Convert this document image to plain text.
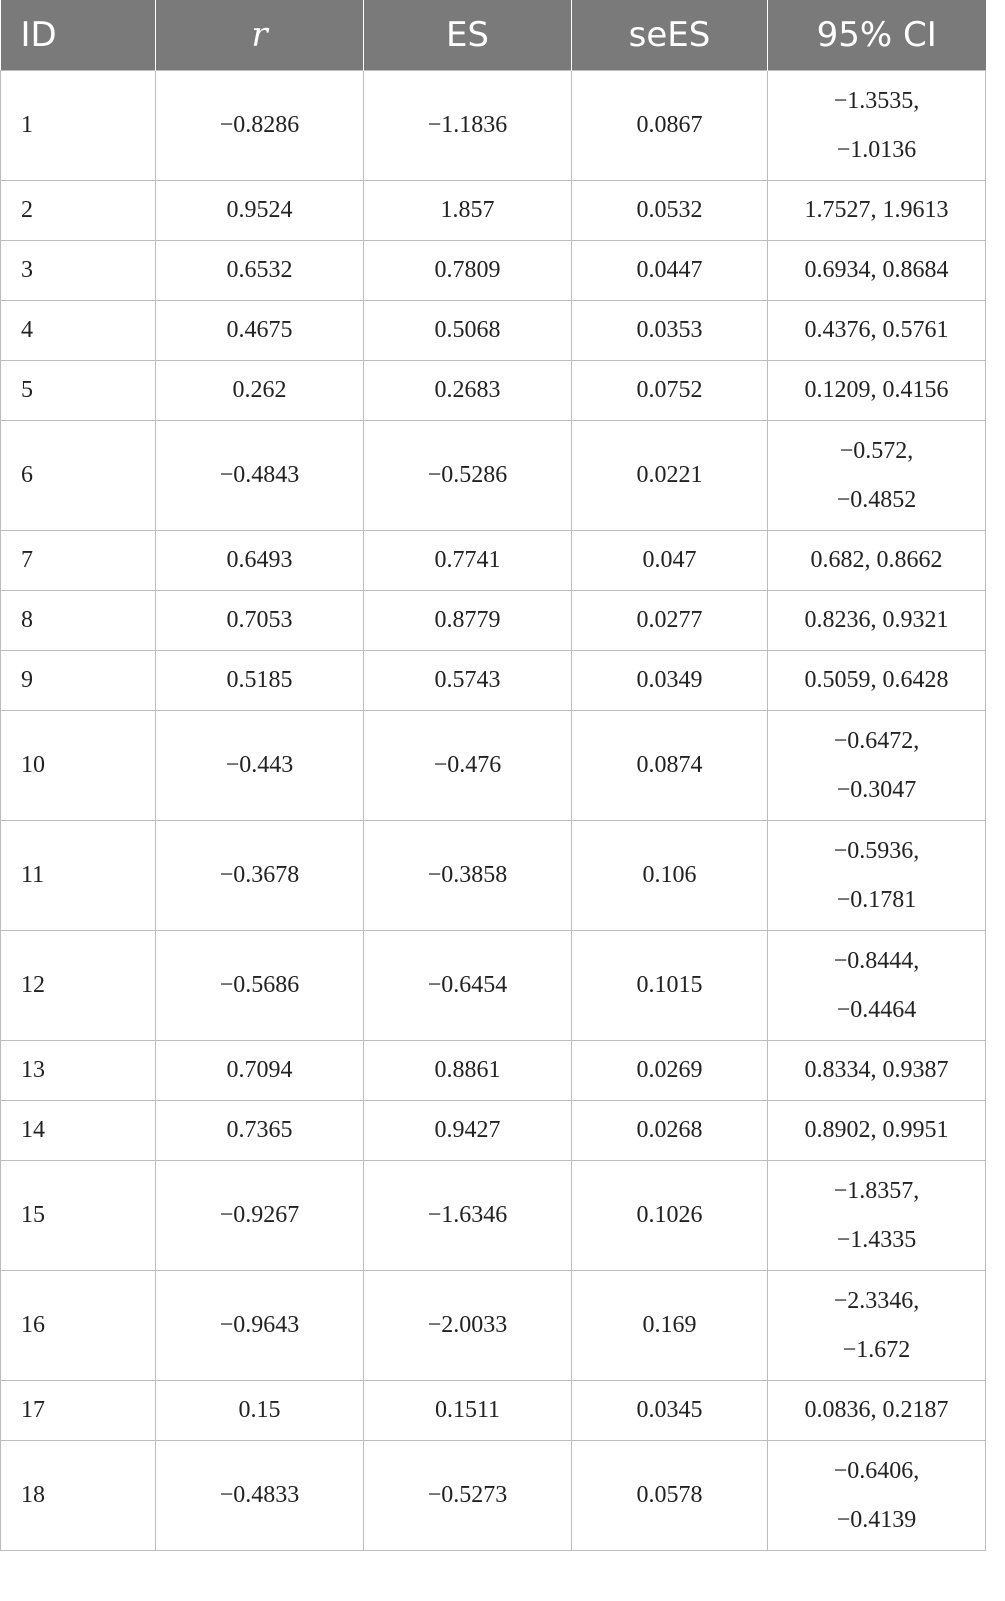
ID	r	ES	seES	95% CI
1	−0.8286	−1.1836	0.0867	−1.3535,
−1.0136

2	0.9524	1.857	0.0532	1.7527, 1.9613

3	0.6532	0.7809	0.0447	0.6934, 0.8684

4	0.4675	0.5068	0.0353	0.4376, 0.5761

5	0.262	0.2683	0.0752	0.1209, 0.4156

6	−0.4843	−0.5286	0.0221	−0.572,
−0.4852

7	0.6493	0.7741	0.047	0.682, 0.8662

8	0.7053	0.8779	0.0277	0.8236, 0.9321

9	0.5185	0.5743	0.0349	0.5059, 0.6428

10	−0.443	−0.476	0.0874	−0.6472,
−0.3047

11	−0.3678	−0.3858	0.106	−0.5936,
−0.1781

12	−0.5686	−0.6454	0.1015	−0.8444,
−0.4464

13	0.7094	0.8861	0.0269	0.8334, 0.9387

14	0.7365	0.9427	0.0268	0.8902, 0.9951

15	−0.9267	−1.6346	0.1026	−1.8357,
−1.4335

16	−0.9643	−2.0033	0.169	−2.3346,
−1.672

17	0.15	0.1511	0.0345	0.0836, 0.2187

18	−0.4833	−0.5273	0.0578	−0.6406,
−0.4139
